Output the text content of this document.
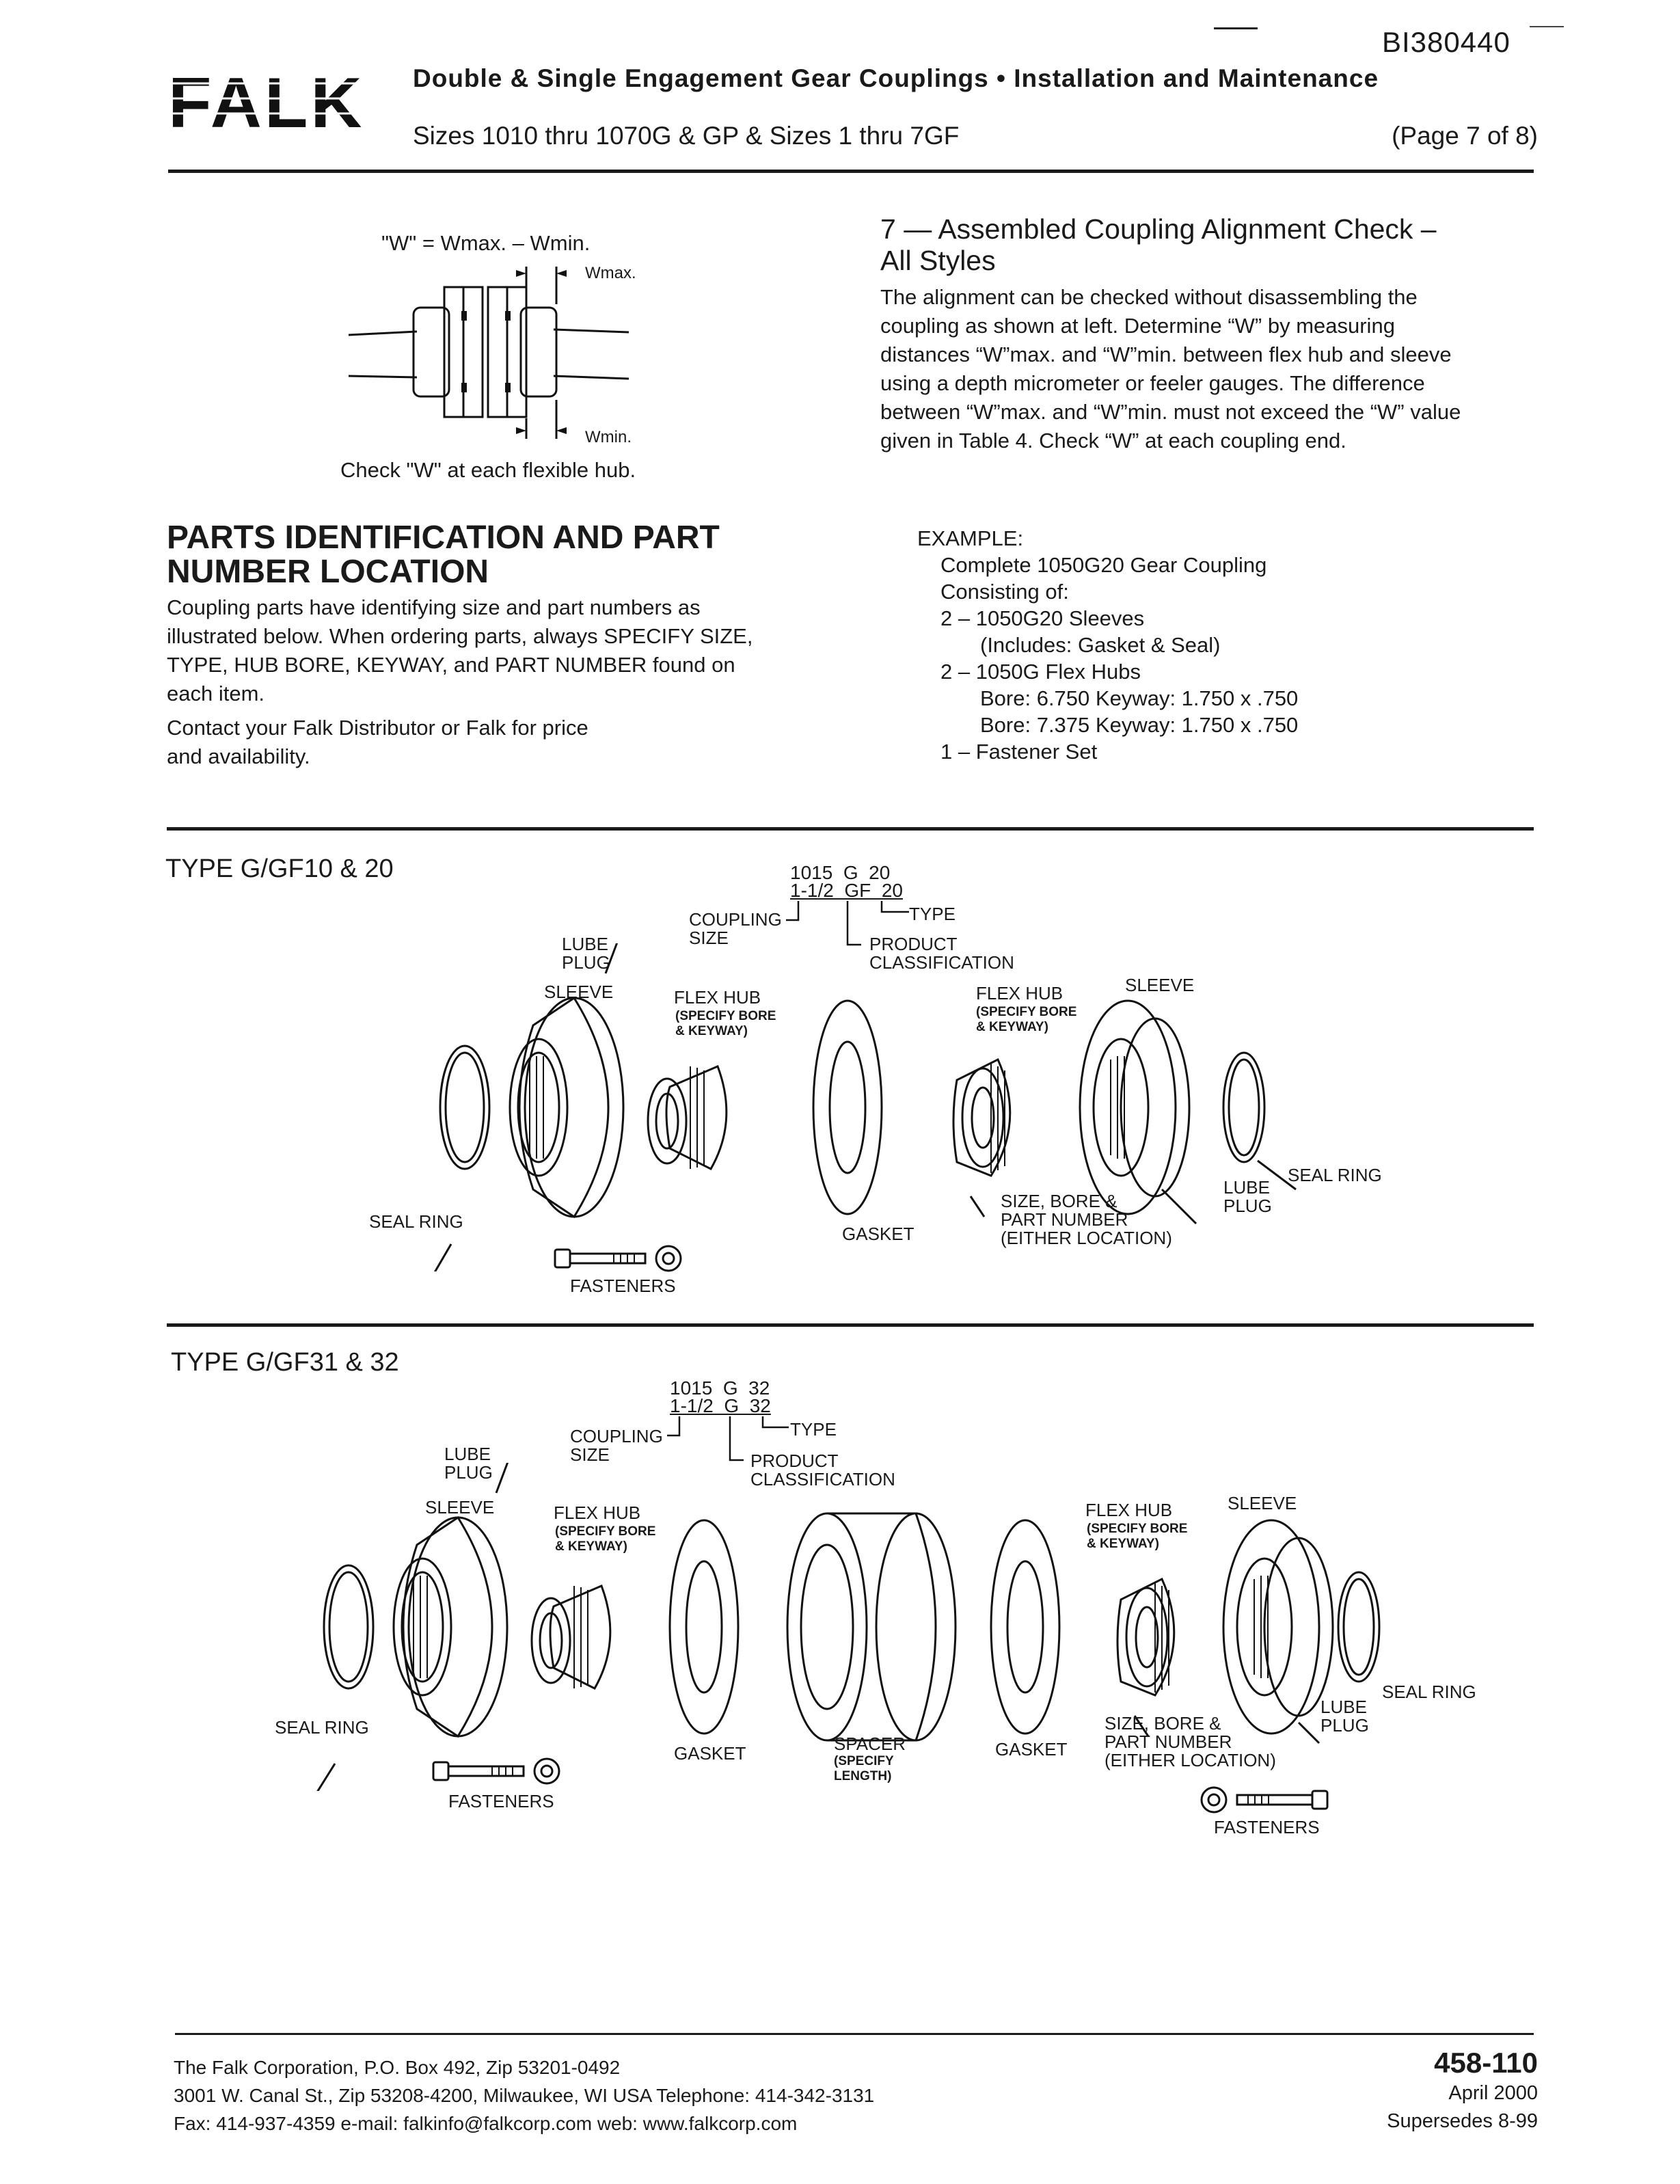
BI380440
FALK Double & Single Engagement Gear Couplings • Installation and Maintenance
Sizes 1010 thru 1070G & GP & Sizes 1 thru 7GF	(Page 7 of 8)
"W" = Wmax. – Wmin.
Wmax.
Wmin.
Check "W" at each flexible hub.
7 — Assembled Coupling Alignment Check –
All Styles
The alignment can be checked without disassembling the
coupling as shown at left. Determine “W” by measuring
distances “W”max. and “W”min. between flex hub and sleeve
using a depth micrometer or feeler gauges. The difference
between “W”max. and “W”min. must not exceed the “W” value
given in Table 4. Check “W” at each coupling end.
PARTS IDENTIFICATION AND PART
NUMBER LOCATION
Coupling parts have identifying size and part numbers as
illustrated below. When ordering parts, always SPECIFY SIZE,
TYPE, HUB BORE, KEYWAY, and PART NUMBER found on
each item.
Contact your Falk Distributor or Falk for price
and availability.
EXAMPLE:
Complete 1050G20 Gear Coupling
Consisting of:
2 – 1050G20 Sleeves
(Includes: Gasket & Seal)
2 – 1050G Flex Hubs
Bore: 6.750 Keyway: 1.750 x .750
Bore: 7.375 Keyway: 1.750 x .750
1 – Fastener Set
TYPE G/GF10 & 20	1015  G  20
1-1/2  GF  20
COUPLING
SIZE
TYPE
PRODUCT
CLASSIFICATION
LUBE
PLUG
SLEEVE	FLEX HUB
(SPECIFY BORE
& KEYWAY)
FLEX HUB
(SPECIFY BORE
& KEYWAY)
SLEEVE
SEAL RING
SEAL RING
LUBE
PLUG
GASKET
SIZE, BORE &
PART NUMBER
(EITHER LOCATION)
FASTENERS
TYPE G/GF31 & 32
1015  G  32
1-1/2  G  32
COUPLING
SIZE
TYPE
PRODUCT
CLASSIFICATION
LUBE
PLUG
SLEEVE	FLEX HUB
(SPECIFY BORE
& KEYWAY)
FLEX HUB
(SPECIFY BORE
& KEYWAY)
SLEEVE
SEAL RING
SEAL RING
LUBE
PLUG
GASKET	GASKET
SPACER
(SPECIFY
LENGTH)
SIZE, BORE &
PART NUMBER
(EITHER LOCATION)
FASTENERS
FASTENERS
The Falk Corporation, P.O. Box 492, Zip 53201-0492
3001 W. Canal St., Zip 53208-4200, Milwaukee, WI USA Telephone: 414-342-3131
Fax: 414-937-4359 e-mail: falkinfo@falkcorp.com web: www.falkcorp.com
458-110
April 2000
Supersedes 8-99
